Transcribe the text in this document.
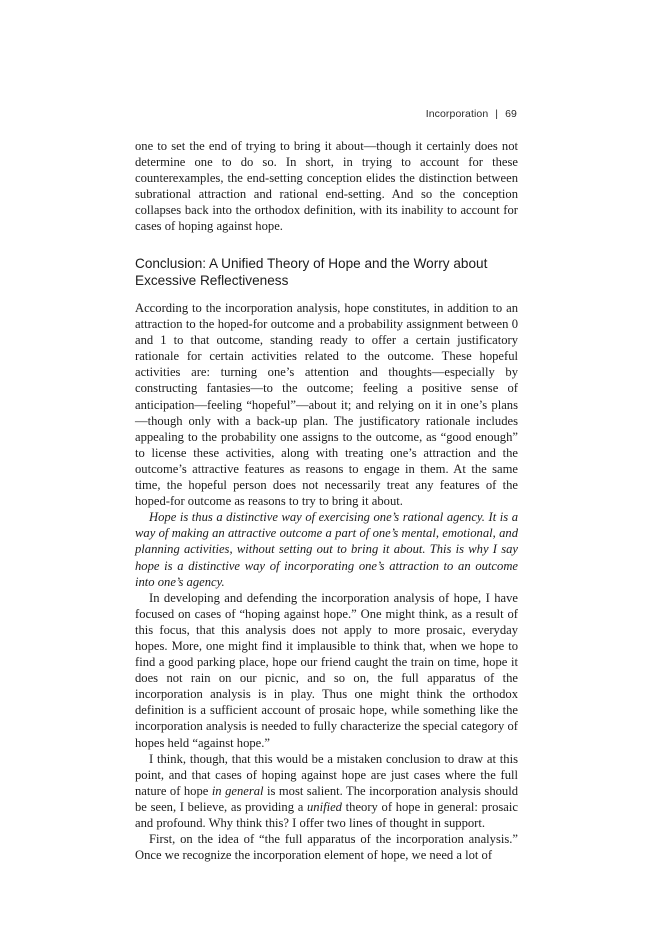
Incorporation | 69

one to set the end of trying to bring it about—though it certainly does not determine one to do so. In short, in trying to account for these counterexamples, the end-setting conception elides the distinction between subrational attraction and rational end-setting. And so the conception collapses back into the orthodox definition, with its inability to account for cases of hoping against hope.

Conclusion: A Unified Theory of Hope and the Worry about Excessive Reflectiveness

According to the incorporation analysis, hope constitutes, in addition to an attraction to the hoped-for outcome and a probability assignment between 0 and 1 to that outcome, standing ready to offer a certain justificatory rationale for certain activities related to the outcome. These hopeful activities are: turning one’s attention and thoughts—especially by constructing fantasies—to the outcome; feeling a positive sense of anticipation—feeling “hopeful”—about it; and relying on it in one’s plans—though only with a back-up plan. The justificatory rationale includes appealing to the probability one assigns to the outcome, as “good enough” to license these activities, along with treating one’s attraction and the outcome’s attractive features as reasons to engage in them. At the same time, the hopeful person does not necessarily treat any features of the hoped-for outcome as reasons to try to bring it about.

Hope is thus a distinctive way of exercising one’s rational agency. It is a way of making an attractive outcome a part of one’s mental, emotional, and planning activities, without setting out to bring it about. This is why I say hope is a distinctive way of incorporating one’s attraction to an outcome into one’s agency.

In developing and defending the incorporation analysis of hope, I have focused on cases of “hoping against hope.” One might think, as a result of this focus, that this analysis does not apply to more prosaic, everyday hopes. More, one might find it implausible to think that, when we hope to find a good parking place, hope our friend caught the train on time, hope it does not rain on our picnic, and so on, the full apparatus of the incorporation analysis is in play. Thus one might think the orthodox definition is a sufficient account of prosaic hope, while something like the incorporation analysis is needed to fully characterize the special category of hopes held “against hope.”

I think, though, that this would be a mistaken conclusion to draw at this point, and that cases of hoping against hope are just cases where the full nature of hope in general is most salient. The incorporation analysis should be seen, I believe, as providing a unified theory of hope in general: prosaic and profound. Why think this? I offer two lines of thought in support.

First, on the idea of “the full apparatus of the incorporation analysis.” Once we recognize the incorporation element of hope, we need a lot of
